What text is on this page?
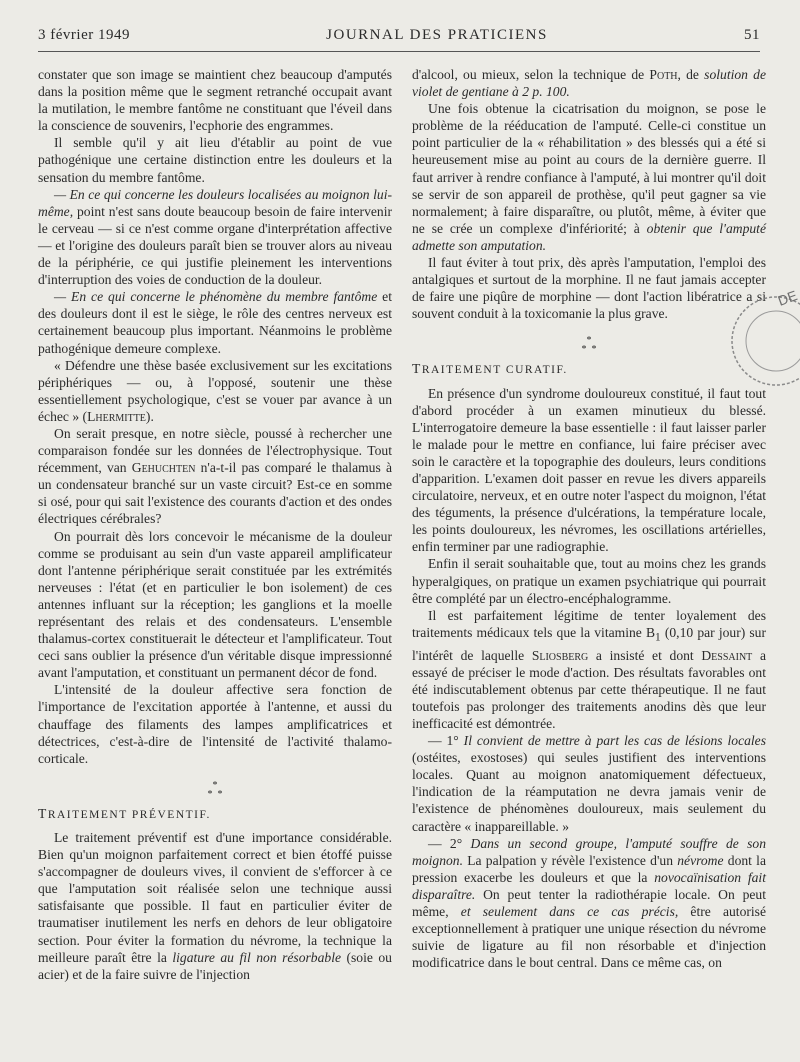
3 février 1949	JOURNAL DES PRATICIENS	51

constater que son image se maintient chez beaucoup d'amputés dans la position même que le segment retranché occupait avant la mutilation, le membre fantôme ne constituant que l'éveil dans la conscience de souvenirs, l'ecphorie des engrammes.

Il semble qu'il y ait lieu d'établir au point de vue pathogénique une certaine distinction entre les douleurs et la sensation du membre fantôme.

— En ce qui concerne les douleurs localisées au moignon lui-même, point n'est sans doute beaucoup besoin de faire intervenir le cerveau — si ce n'est comme organe d'interprétation affective — et l'origine des douleurs paraît bien se trouver alors au niveau de la périphérie, ce qui justifie pleinement les interventions d'interruption des voies de conduction de la douleur.

— En ce qui concerne le phénomène du membre fantôme et des douleurs dont il est le siège, le rôle des centres nerveux est certainement beaucoup plus important. Néanmoins le problème pathogénique demeure complexe.

« Défendre une thèse basée exclusivement sur les excitations périphériques — ou, à l'opposé, soutenir une thèse essentiellement psychologique, c'est se vouer par avance à un échec » (Lhermitte).

On serait presque, en notre siècle, poussé à rechercher une comparaison fondée sur les données de l'électrophysique. Tout récemment, van Gehuchten n'a-t-il pas comparé le thalamus à un condensateur branché sur un vaste circuit? Est-ce en somme si osé, pour qui sait l'existence des courants d'action et des ondes électriques cérébrales?

On pourrait dès lors concevoir le mécanisme de la douleur comme se produisant au sein d'un vaste appareil amplificateur dont l'antenne périphérique serait constituée par les extrémités nerveuses : l'état (et en particulier le bon isolement) de ces antennes influant sur la réception; les ganglions et la moelle représentant des relais et des condensateurs. L'ensemble thalamus-cortex constituerait le détecteur et l'amplificateur. Tout ceci sans oublier la présence d'un véritable disque impressionné avant l'amputation, et constituant un permanent décor de fond.

L'intensité de la douleur affective sera fonction de l'importance de l'excitation apportée à l'antenne, et aussi du chauffage des filaments des lampes amplificatrices et détectrices, c'est-à-dire de l'intensité de l'activité thalamo-corticale.

*
*  *
TRAITEMENT PRÉVENTIF.

Le traitement préventif est d'une importance considérable. Bien qu'un moignon parfaitement correct et bien étoffé puisse s'accompagner de douleurs vives, il convient de s'efforcer à ce que l'amputation soit réalisée selon une technique aussi satisfaisante que possible. Il faut en particulier éviter de traumatiser inutilement les nerfs en dehors de leur obligatoire section. Pour éviter la formation du névrome, la technique la meilleure paraît être la ligature au fil non résorbable (soie ou acier) et de la faire suivre de l'injection

d'alcool, ou mieux, selon la technique de Poth, de solution de violet de gentiane à 2 p. 100.

Une fois obtenue la cicatrisation du moignon, se pose le problème de la rééducation de l'amputé. Celle-ci constitue un point particulier de la « réhabilitation » des blessés qui a été si heureusement mise au point au cours de la dernière guerre. Il faut arriver à rendre confiance à l'amputé, à lui montrer qu'il doit se servir de son appareil de prothèse, qu'il peut gagner sa vie normalement; à faire disparaître, ou plutôt, même, à éviter que ne se crée un complexe d'infériorité; à obtenir que l'amputé admette son amputation.

Il faut éviter à tout prix, dès après l'amputation, l'emploi des antalgiques et surtout de la morphine. Il ne faut jamais accepter de faire une piqûre de morphine — dont l'action libératrice a si souvent conduit à la toxicomanie la plus grave.

*
*  *
TRAITEMENT CURATIF.

En présence d'un syndrome douloureux constitué, il faut tout d'abord procéder à un examen minutieux du blessé. L'interrogatoire demeure la base essentielle : il faut laisser parler le malade pour le mettre en confiance, lui faire préciser avec soin le caractère et la topographie des douleurs, leurs conditions d'apparition. L'examen doit passer en revue les divers appareils circulatoire, nerveux, et en outre noter l'aspect du moignon, l'état des téguments, la présence d'ulcérations, la température locale, les points douloureux, les névromes, les oscillations artérielles, enfin terminer par une radiographie.

Enfin il serait souhaitable que, tout au moins chez les grands hyperalgiques, on pratique un examen psychiatrique qui pourrait être complété par un électro-encéphalogramme.

Il est parfaitement légitime de tenter loyalement des traitements médicaux tels que la vitamine $B_1$ (0,10 par jour) sur l'intérêt de laquelle Sliosberg a insisté et dont Dessaint a essayé de préciser le mode d'action. Des résultats favorables ont été indiscutablement obtenus par cette thérapeutique. Il ne faut toutefois pas prolonger des traitements anodins dès que leur inefficacité est démontrée.

— 1° Il convient de mettre à part les cas de lésions locales (ostéites, exostoses) qui seules justifient des interventions locales. Quant au moignon anatomiquement défectueux, l'indication de la réamputation ne devra jamais venir de l'existence de phénomènes douloureux, mais seulement du caractère « inappareillable. »

— 2° Dans un second groupe, l'amputé souffre de son moignon. La palpation y révèle l'existence d'un névrome dont la pression exacerbe les douleurs et que la novocaïnisation fait disparaître. On peut tenter la radiothérapie locale. On peut même, et seulement dans ce cas précis, être autorisé exceptionnellement à pratiquer une unique résection du névrome suivie de ligature au fil non résorbable et d'injection modificatrice dans le bout central. Dans ce même cas, on

DE
